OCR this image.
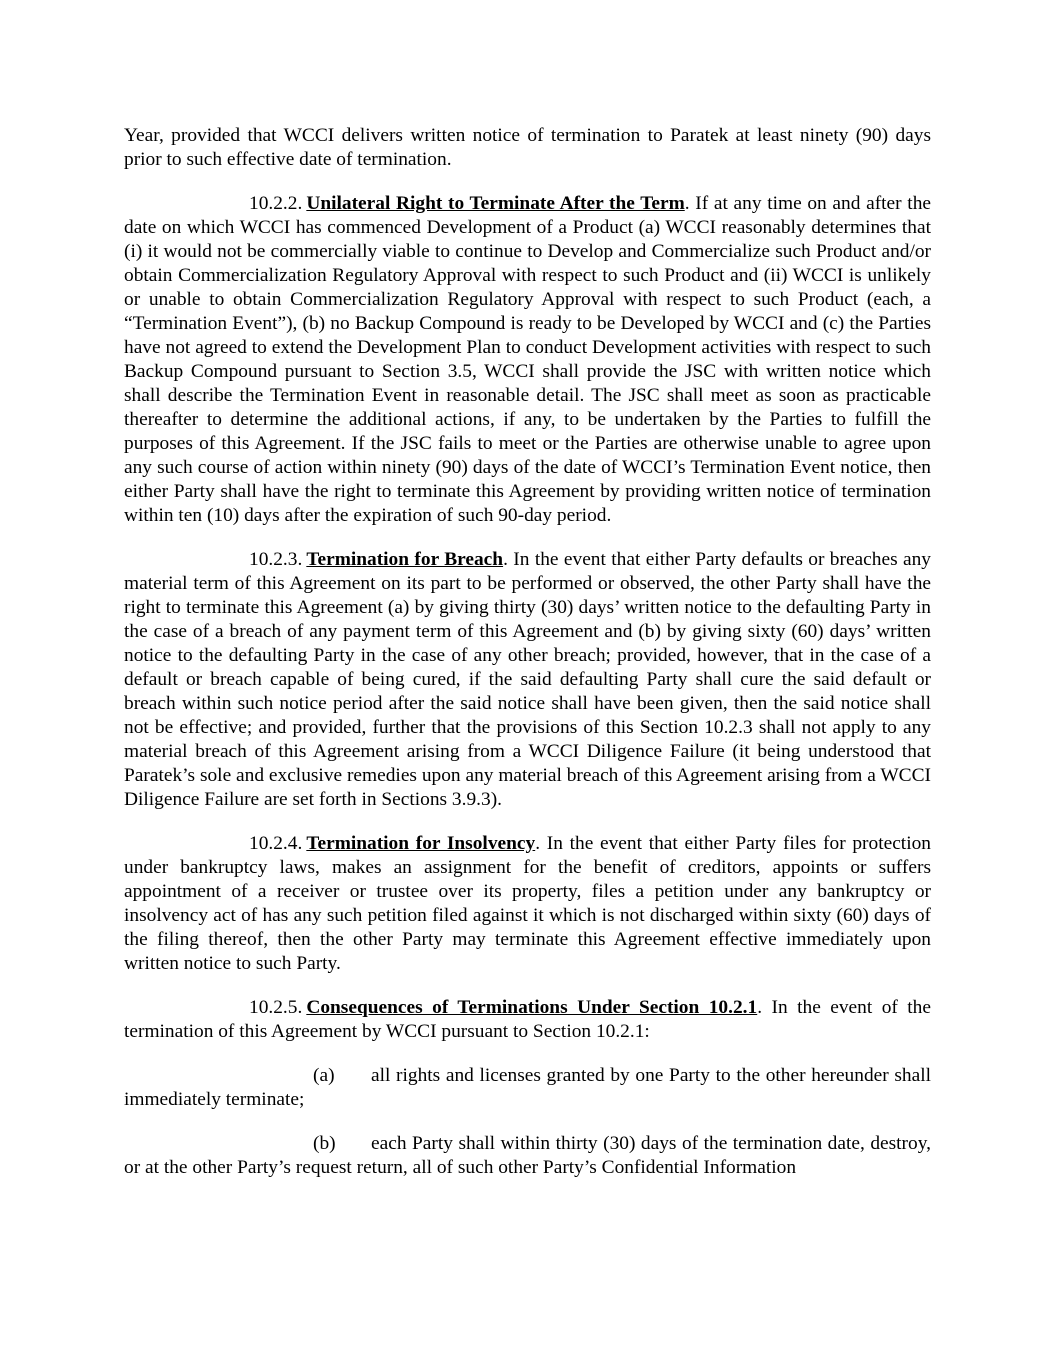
Year, provided that WCCI delivers written notice of termination to Paratek at least ninety (90) days prior to such effective date of termination.

10.2.2. Unilateral Right to Terminate After the Term. If at any time on and after the date on which WCCI has commenced Development of a Product (a) WCCI reasonably determines that (i) it would not be commercially viable to continue to Develop and Commercialize such Product and/or obtain Commercialization Regulatory Approval with respect to such Product and (ii) WCCI is unlikely or unable to obtain Commercialization Regulatory Approval with respect to such Product (each, a “Termination Event”), (b) no Backup Compound is ready to be Developed by WCCI and (c) the Parties have not agreed to extend the Development Plan to conduct Development activities with respect to such Backup Compound pursuant to Section 3.5, WCCI shall provide the JSC with written notice which shall describe the Termination Event in reasonable detail. The JSC shall meet as soon as practicable thereafter to determine the additional actions, if any, to be undertaken by the Parties to fulfill the purposes of this Agreement. If the JSC fails to meet or the Parties are otherwise unable to agree upon any such course of action within ninety (90) days of the date of WCCI’s Termination Event notice, then either Party shall have the right to terminate this Agreement by providing written notice of termination within ten (10) days after the expiration of such 90-day period.

10.2.3. Termination for Breach. In the event that either Party defaults or breaches any material term of this Agreement on its part to be performed or observed, the other Party shall have the right to terminate this Agreement (a) by giving thirty (30) days’ written notice to the defaulting Party in the case of a breach of any payment term of this Agreement and (b) by giving sixty (60) days’ written notice to the defaulting Party in the case of any other breach; provided, however, that in the case of a default or breach capable of being cured, if the said defaulting Party shall cure the said default or breach within such notice period after the said notice shall have been given, then the said notice shall not be effective; and provided, further that the provisions of this Section 10.2.3 shall not apply to any material breach of this Agreement arising from a WCCI Diligence Failure (it being understood that Paratek’s sole and exclusive remedies upon any material breach of this Agreement arising from a WCCI Diligence Failure are set forth in Sections 3.9.3).

10.2.4. Termination for Insolvency. In the event that either Party files for protection under bankruptcy laws, makes an assignment for the benefit of creditors, appoints or suffers appointment of a receiver or trustee over its property, files a petition under any bankruptcy or insolvency act of has any such petition filed against it which is not discharged within sixty (60) days of the filing thereof, then the other Party may terminate this Agreement effective immediately upon written notice to such Party.

10.2.5. Consequences of Terminations Under Section 10.2.1. In the event of the termination of this Agreement by WCCI pursuant to Section 10.2.1:

(a) all rights and licenses granted by one Party to the other hereunder shall immediately terminate;

(b) each Party shall within thirty (30) days of the termination date, destroy, or at the other Party’s request return, all of such other Party’s Confidential Information
